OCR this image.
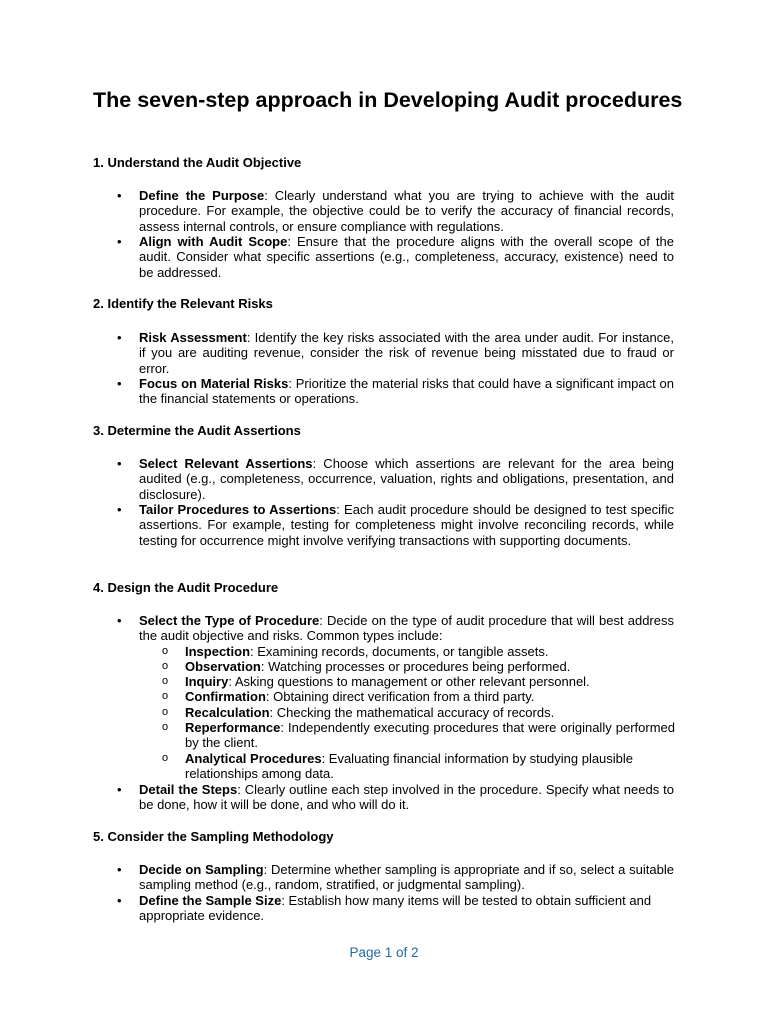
The seven-step approach in Developing Audit procedures
1. Understand the Audit Objective

•	Define the Purpose: Clearly understand what you are trying to achieve with the audit procedure. For example, the objective could be to verify the accuracy of financial records, assess internal controls, or ensure compliance with regulations.

•	Align with Audit Scope: Ensure that the procedure aligns with the overall scope of the audit. Consider what specific assertions (e.g., completeness, accuracy, existence) need to be addressed.

2. Identify the Relevant Risks

•	Risk Assessment: Identify the key risks associated with the area under audit. For instance, if you are auditing revenue, consider the risk of revenue being misstated due to fraud or error.

•	Focus on Material Risks: Prioritize the material risks that could have a significant impact on the financial statements or operations.

3. Determine the Audit Assertions

•	Select Relevant Assertions: Choose which assertions are relevant for the area being audited (e.g., completeness, occurrence, valuation, rights and obligations, presentation, and disclosure).

•	Tailor Procedures to Assertions: Each audit procedure should be designed to test specific assertions. For example, testing for completeness might involve reconciling records, while testing for occurrence might involve verifying transactions with supporting documents.

4. Design the Audit Procedure

•	Select the Type of Procedure: Decide on the type of audit procedure that will best address the audit objective and risks. Common types include:

o Inspection: Examining records, documents, or tangible assets.

o Observation: Watching processes or procedures being performed.

o Inquiry: Asking questions to management or other relevant personnel.

o Confirmation: Obtaining direct verification from a third party.

o Recalculation: Checking the mathematical accuracy of records.

o Reperformance: Independently executing procedures that were originally performed by the client.

o Analytical Procedures: Evaluating financial information by studying plausible relationships among data.

•	Detail the Steps: Clearly outline each step involved in the procedure. Specify what needs to be done, how it will be done, and who will do it.

5. Consider the Sampling Methodology

•	Decide on Sampling: Determine whether sampling is appropriate and if so, select a suitable sampling method (e.g., random, stratified, or judgmental sampling).

•	Define the Sample Size: Establish how many items will be tested to obtain sufficient and appropriate evidence.

Page 1 of 2
